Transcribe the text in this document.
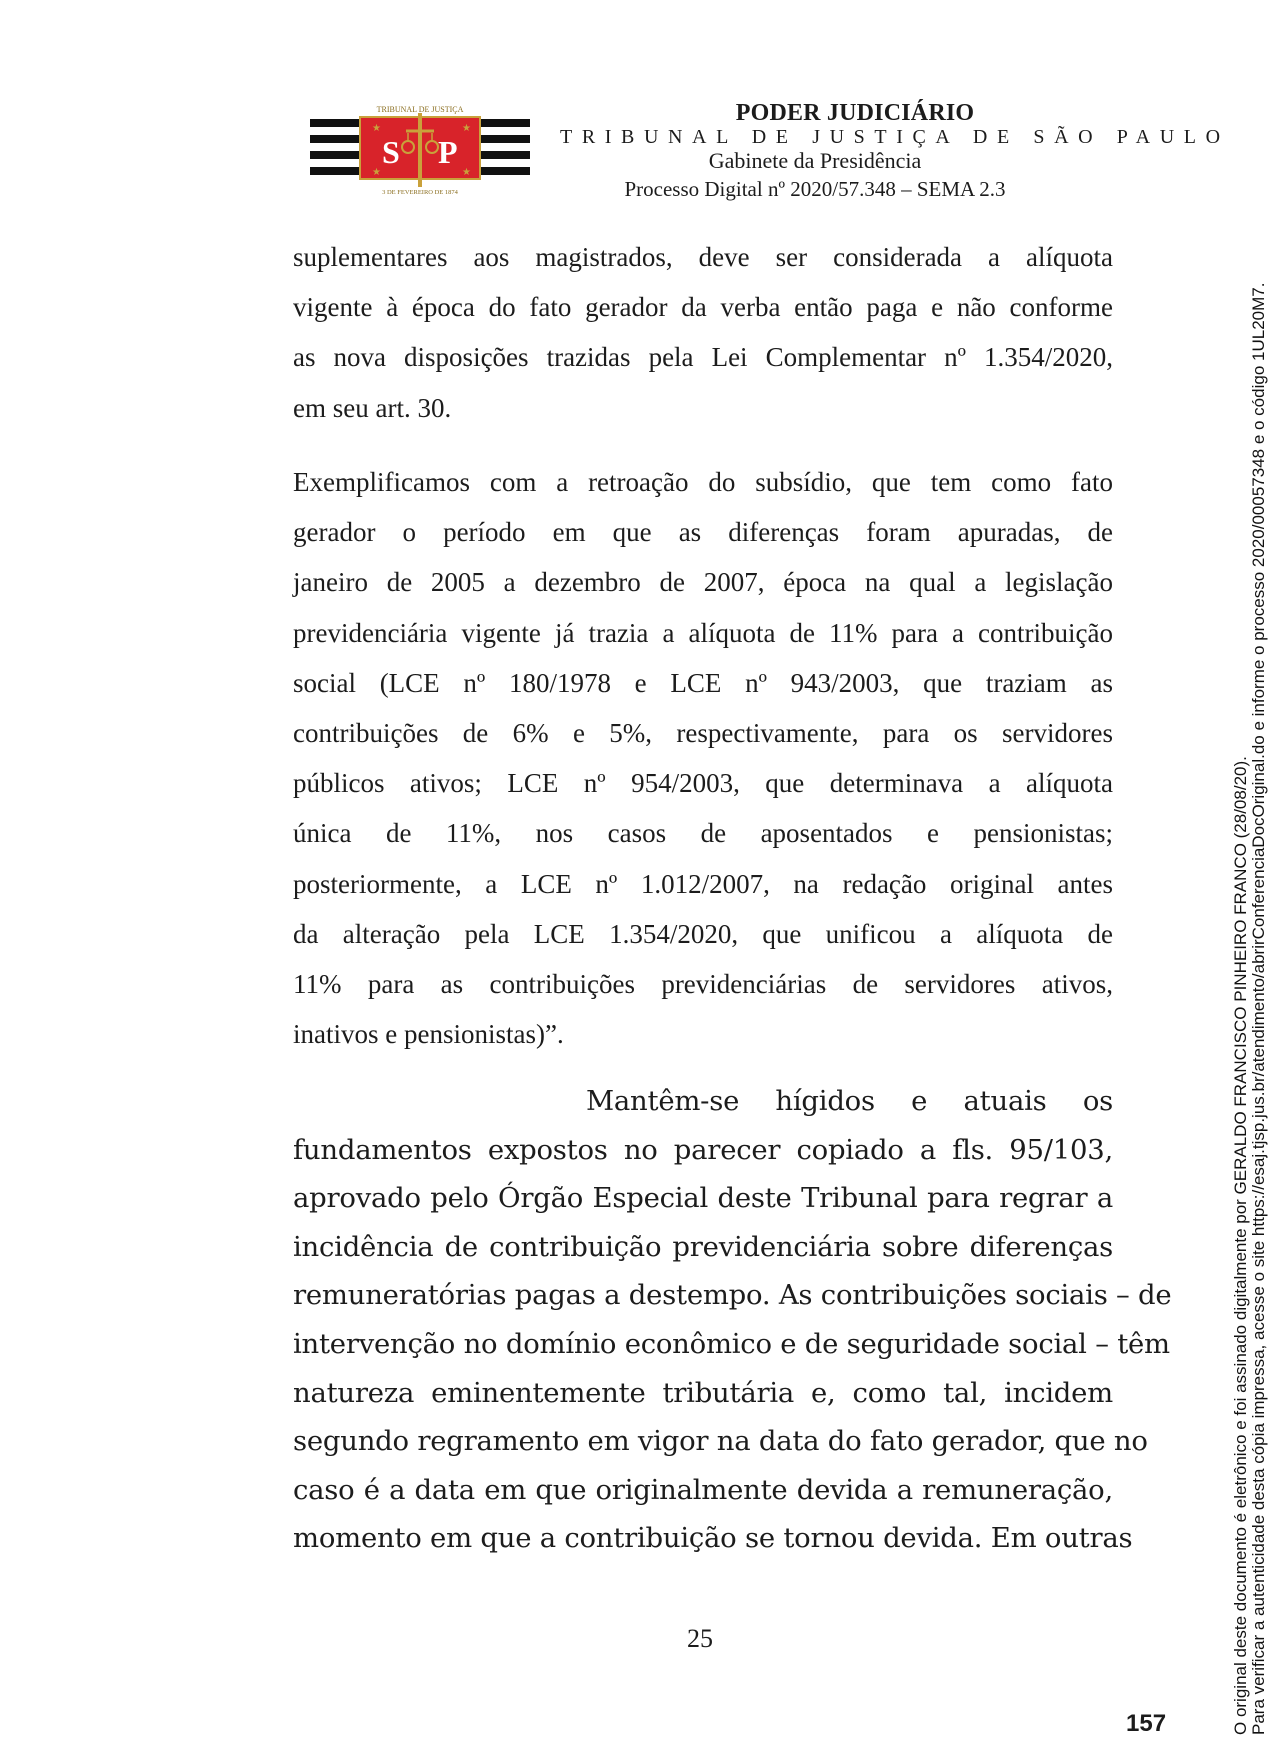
★	★
★	★
S P
TRIBUNAL DE JUSTIÇA
3 DE FEVEREIRO DE 1874
PODER JUDICIÁRIO
TRIBUNAL DE JUSTIÇA DE SÃO PAULO
Gabinete da Presidência
Processo Digital nº 2020/57.348 – SEMA 2.3
suplementares aos magistrados, deve ser considerada a alíquota
vigente à época do fato gerador da verba então paga e não conforme
as nova disposições trazidas pela Lei Complementar nº 1.354/2020,
em seu art. 30.
Exemplificamos com a retroação do subsídio, que tem como fato
gerador o período em que as diferenças foram apuradas, de
janeiro de 2005 a dezembro de 2007, época na qual a legislação
previdenciária vigente já trazia a alíquota de 11% para a contribuição
social (LCE nº 180/1978 e LCE nº 943/2003, que traziam as
contribuições de 6% e 5%, respectivamente, para os servidores
públicos ativos; LCE nº 954/2003, que determinava a alíquota
única de 11%, nos casos de aposentados e pensionistas;
posteriormente, a LCE nº 1.012/2007, na redação original antes
da alteração pela LCE 1.354/2020, que unificou a alíquota de
11% para as contribuições previdenciárias de servidores ativos,
inativos e pensionistas)”.
Mantêm-se hígidos e atuais os
fundamentos expostos no parecer copiado a fls. 95/103,
aprovado pelo Órgão Especial deste Tribunal para regrar a
incidência de contribuição previdenciária sobre diferenças
remuneratórias pagas a destempo. As contribuições sociais – de
intervenção no domínio econômico e de seguridade social – têm
natureza eminentemente tributária e, como tal, incidem
segundo regramento em vigor na data do fato gerador, que no
caso é a data em que originalmente devida a remuneração,
momento em que a contribuição se tornou devida. Em outras
25	O original deste documento é eletrônico e foi assinado digitalmente por GERALDO FRANCISCO PINHEIRO FRANCO (28/08/20). Para verificar a autenticidade desta cópia impressa, acesse o site https://esaj.tjsp.jus.br/atendimento/abrirConferenciaDocOriginal.do e informe o processo 2020/00057348 e o código 1UL20M7.
157
